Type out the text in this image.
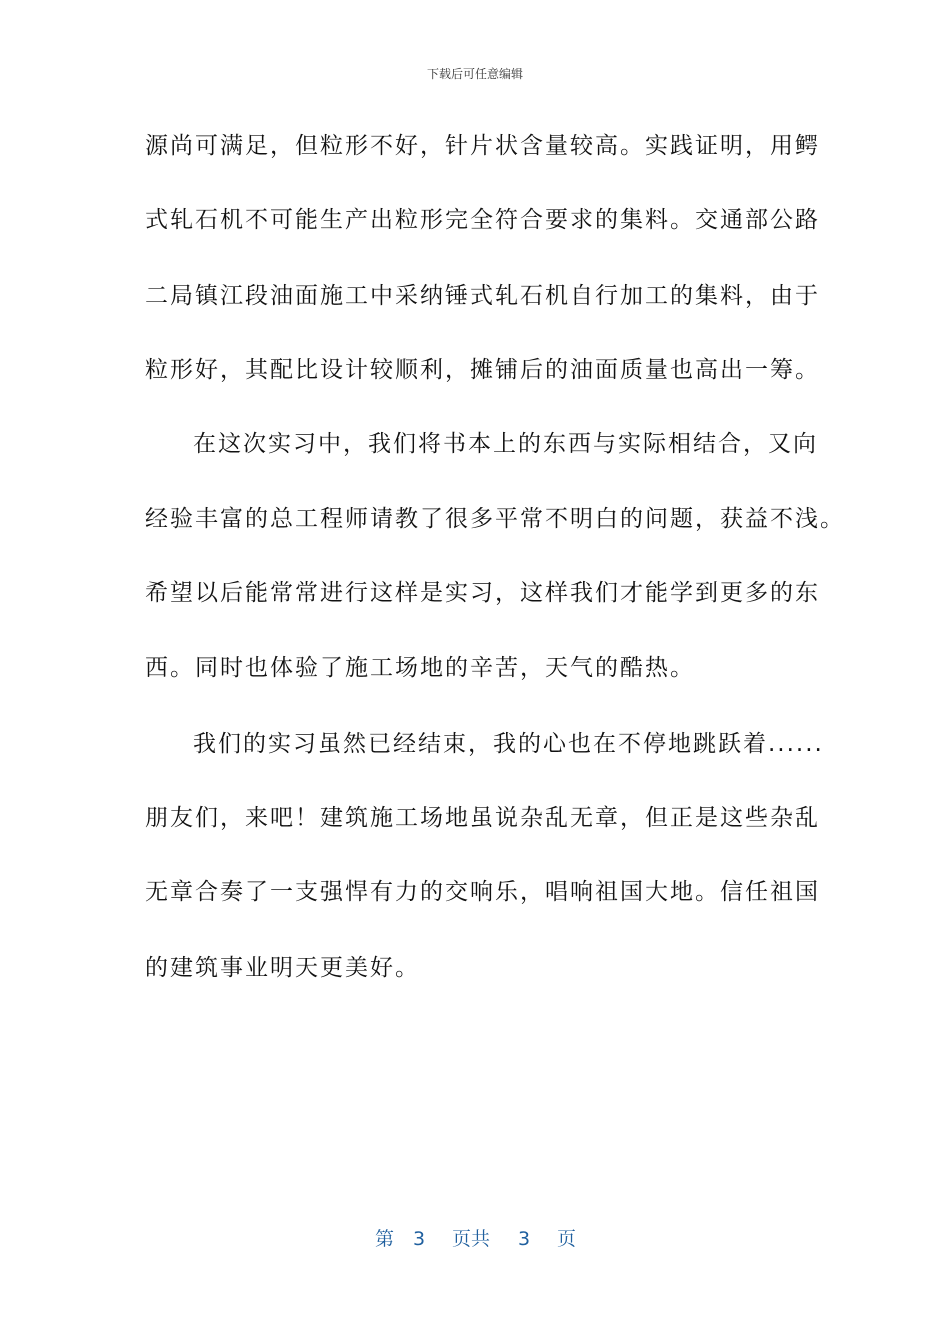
下载后可任意编辑
源尚可满足，但粒形不好，针片状含量较高。实践证明，用鳄
式轧石机不可能生产出粒形完全符合要求的集料。交通部公路
二局镇江段油面施工中采纳锤式轧石机自行加工的集料，由于
粒形好，其配比设计较顺利，摊铺后的油面质量也高出一筹。
在这次实习中，我们将书本上的东西与实际相结合，又向
经验丰富的总工程师请教了很多平常不明白的问题，获益不浅。
希望以后能常常进行这样是实习，这样我们才能学到更多的东
西。同时也体验了施工场地的辛苦，天气的酷热。
我们的实习虽然已经结束，我的心也在不停地跳跃着......
朋友们，来吧！建筑施工场地虽说杂乱无章，但正是这些杂乱
无章合奏了一支强悍有力的交响乐，唱响祖国大地。信任祖国
的建筑事业明天更美好。
第 3 页共 3 页
